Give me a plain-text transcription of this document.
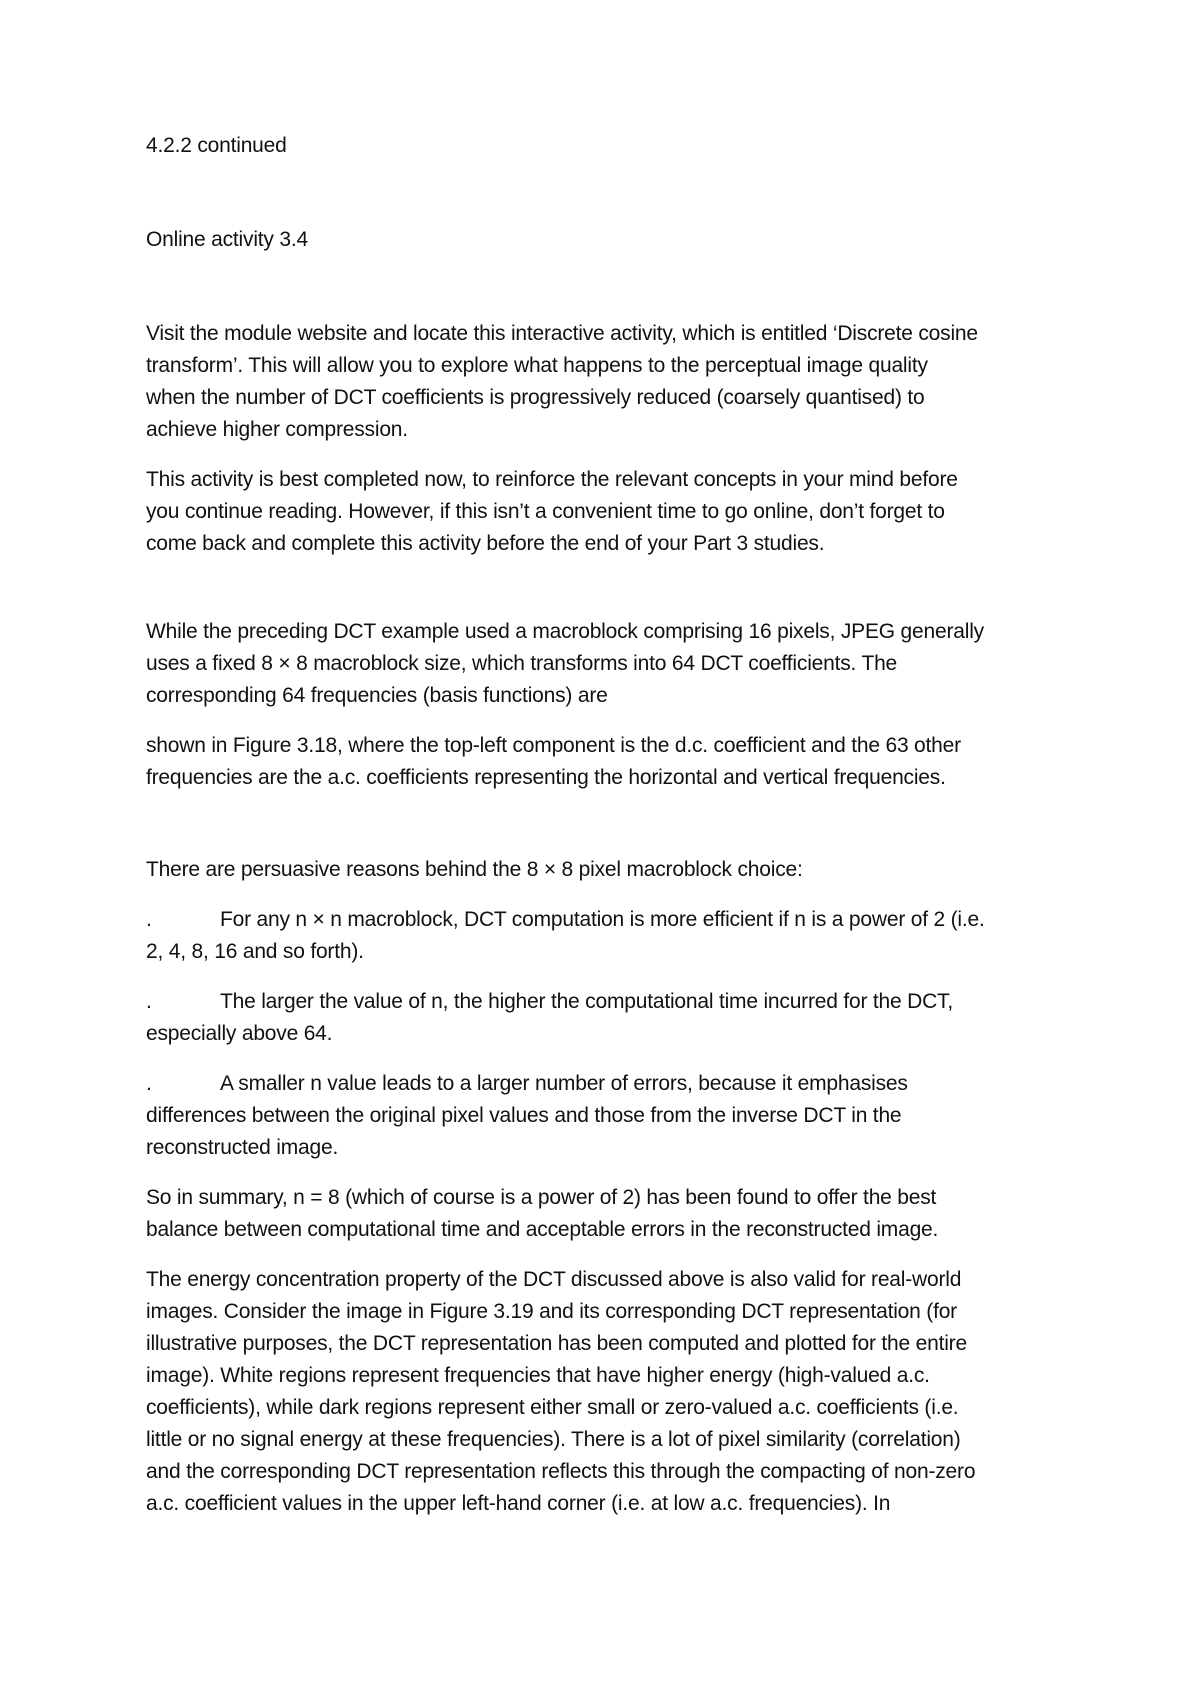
4.2.2 continued

Online activity 3.4

Visit the module website and locate this interactive activity, which is entitled ‘Discrete cosine
transform’. This will allow you to explore what happens to the perceptual image quality
when the number of DCT coefficients is progressively reduced (coarsely quantised) to
achieve higher compression.

This activity is best completed now, to reinforce the relevant concepts in your mind before
you continue reading. However, if this isn’t a convenient time to go online, don’t forget to
come back and complete this activity before the end of your Part 3 studies.

While the preceding DCT example used a macroblock comprising 16 pixels, JPEG generally
uses a fixed 8 × 8 macroblock size, which transforms into 64 DCT coefficients. The
corresponding 64 frequencies (basis functions) are

shown in Figure 3.18, where the top-left component is the d.c. coefficient and the 63 other
frequencies are the a.c. coefficients representing the horizontal and vertical frequencies.

There are persuasive reasons behind the 8 × 8 pixel macroblock choice:

.	For any n × n macroblock, DCT computation is more efficient if n is a power of 2 (i.e.
2, 4, 8, 16 and so forth).

.	The larger the value of n, the higher the computational time incurred for the DCT,
especially above 64.

.	A smaller n value leads to a larger number of errors, because it emphasises
differences between the original pixel values and those from the inverse DCT in the
reconstructed image.

So in summary, n = 8 (which of course is a power of 2) has been found to offer the best
balance between computational time and acceptable errors in the reconstructed image.

The energy concentration property of the DCT discussed above is also valid for real-world
images. Consider the image in Figure 3.19 and its corresponding DCT representation (for
illustrative purposes, the DCT representation has been computed and plotted for the entire
image). White regions represent frequencies that have higher energy (high-valued a.c.
coefficients), while dark regions represent either small or zero-valued a.c. coefficients (i.e.
little or no signal energy at these frequencies). There is a lot of pixel similarity (correlation)
and the corresponding DCT representation reflects this through the compacting of non-zero
a.c. coefficient values in the upper left-hand corner (i.e. at low a.c. frequencies). In
